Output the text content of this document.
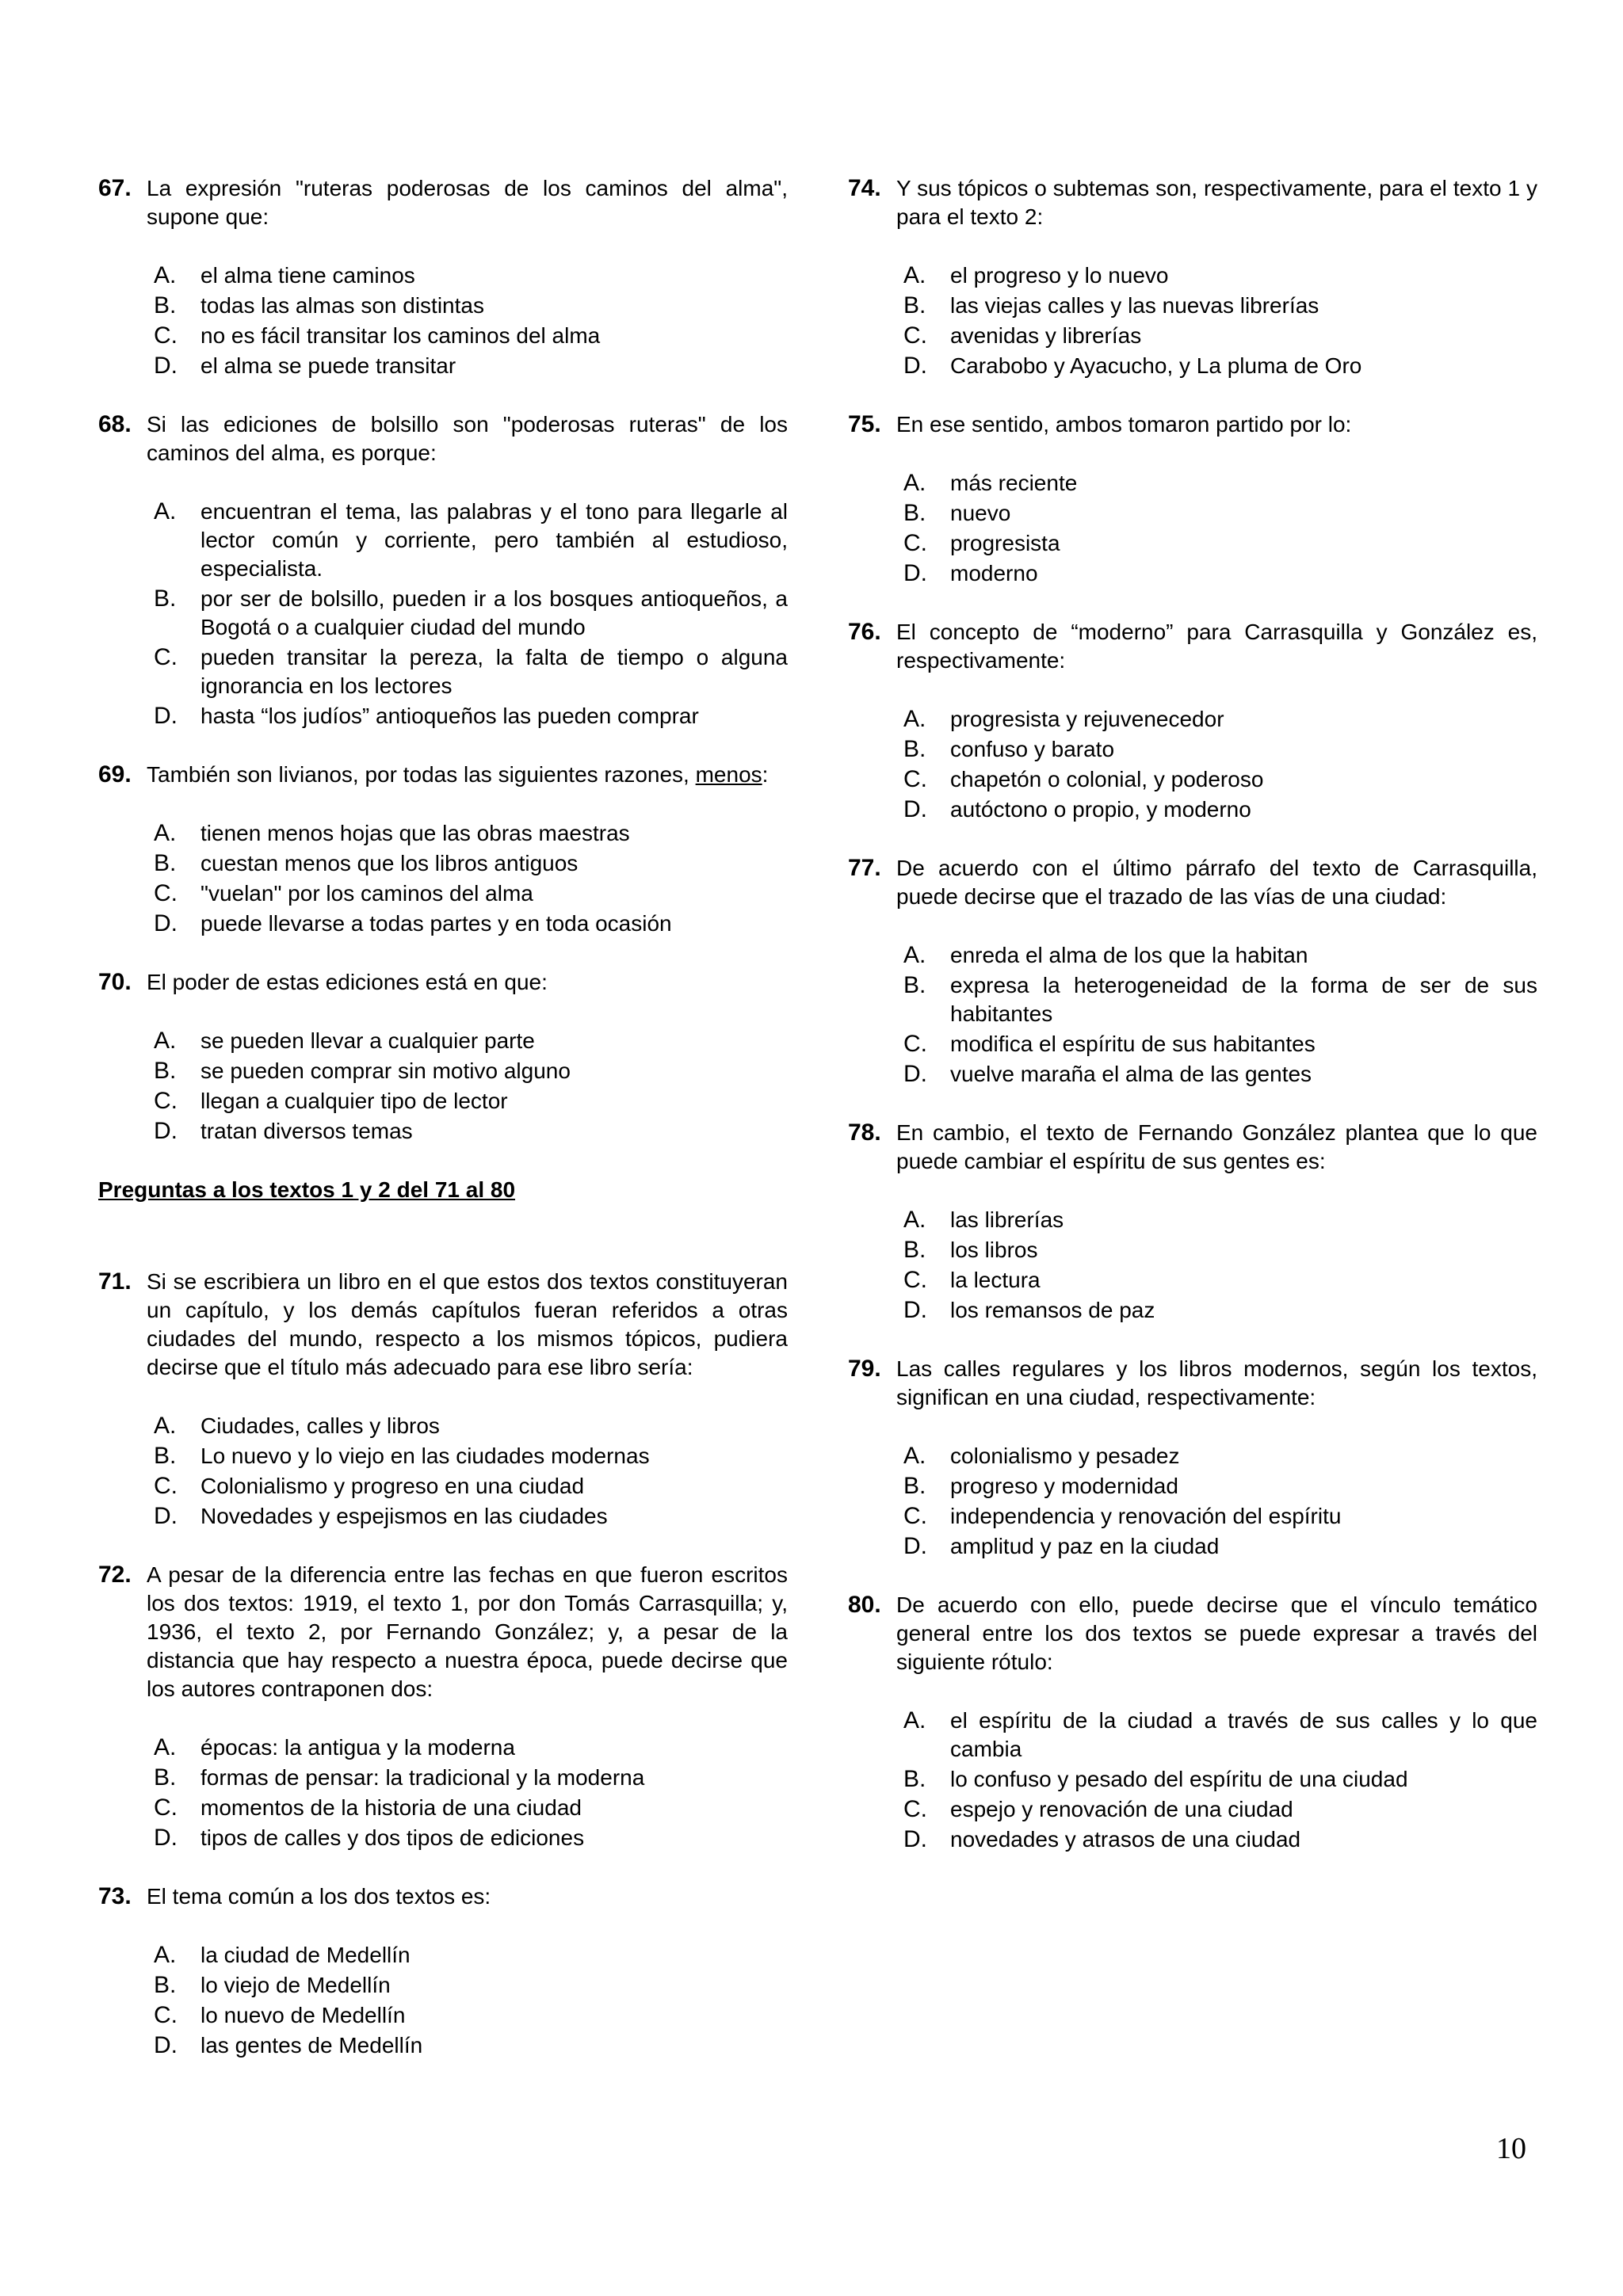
67. La expresión "ruteras poderosas de los caminos del alma", supone que:

A. el alma tiene caminos
B. todas las almas son distintas
C. no es fácil transitar los caminos del alma
D. el alma se puede transitar
68. Si las ediciones de bolsillo son "poderosas ruteras" de los caminos del alma, es porque:

A. encuentran el tema, las palabras y el tono para llegarle al lector común y corriente, pero también al estudioso, especialista.
B. por ser de bolsillo, pueden ir a los bosques antioqueños, a Bogotá o a cualquier ciudad del mundo
C. pueden transitar la pereza, la falta de tiempo o alguna ignorancia en los lectores
D. hasta “los judíos” antioqueños las pueden comprar
69. También son livianos, por todas las siguientes razones, menos:

A. tienen menos hojas que las obras maestras
B. cuestan menos que los libros antiguos
C. "vuelan" por los caminos del alma
D. puede llevarse a todas partes y en toda ocasión
70. El poder de estas ediciones está en que:

A. se pueden llevar a cualquier parte
B. se pueden comprar sin motivo alguno
C. llegan a cualquier tipo de lector
D. tratan diversos temas
Preguntas a los textos 1 y 2 del 71 al 80
71. Si se escribiera un libro en el que estos dos textos constituyeran un capítulo, y los demás capítulos fueran referidos a otras ciudades del mundo, respecto a los mismos tópicos, pudiera decirse que el título más adecuado para ese libro sería:

A. Ciudades, calles y libros
B. Lo nuevo y lo viejo en las ciudades modernas
C. Colonialismo y progreso en una ciudad
D. Novedades y espejismos en las ciudades
72. A pesar de la diferencia entre las fechas en que fueron escritos los dos textos: 1919, el texto 1, por don Tomás Carrasquilla; y, 1936, el texto 2, por Fernando González; y, a pesar de la distancia que hay respecto a nuestra época, puede decirse que los autores contraponen dos:

A. épocas: la antigua y la moderna
B. formas de pensar: la tradicional y la moderna
C. momentos de la historia de una ciudad
D. tipos de calles y dos tipos de ediciones
73. El tema común a los dos textos es:

A. la ciudad de Medellín
B. lo viejo de Medellín
C. lo nuevo de Medellín
D. las gentes de Medellín
74. Y sus tópicos o subtemas son, respectivamente, para el texto 1 y para el texto 2:

A. el progreso y lo nuevo
B. las viejas calles y las nuevas librerías
C. avenidas y librerías
D. Carabobo y Ayacucho, y La pluma de Oro
75. En ese sentido, ambos tomaron partido por lo:

A. más reciente
B. nuevo
C. progresista
D. moderno
76. El concepto de “moderno” para Carrasquilla y González es, respectivamente:

A. progresista y rejuvenecedor
B. confuso y barato
C. chapetón o colonial, y poderoso
D. autóctono o propio, y moderno
77. De acuerdo con el último párrafo del texto de Carrasquilla, puede decirse que el trazado de las vías de una ciudad:

A. enreda el alma de los que la habitan
B. expresa la heterogeneidad de la forma de ser de sus habitantes
C. modifica el espíritu de sus habitantes
D. vuelve maraña el alma de las gentes
78. En cambio, el texto de Fernando González plantea que lo que puede cambiar el espíritu de sus gentes es:

A. las librerías
B. los libros
C. la lectura
D. los remansos de paz
79. Las calles regulares y los libros modernos, según los textos, significan en una ciudad, respectivamente:

A. colonialismo y pesadez
B. progreso y modernidad
C. independencia y renovación del espíritu
D. amplitud y paz en la ciudad
80. De acuerdo con ello, puede decirse que el vínculo temático general entre los dos textos se puede expresar a través del siguiente rótulo:

A. el espíritu de la ciudad a través de sus calles y lo que cambia
B. lo confuso y pesado del espíritu de una ciudad
C. espejo y renovación de una ciudad
D. novedades y atrasos de una ciudad
10
